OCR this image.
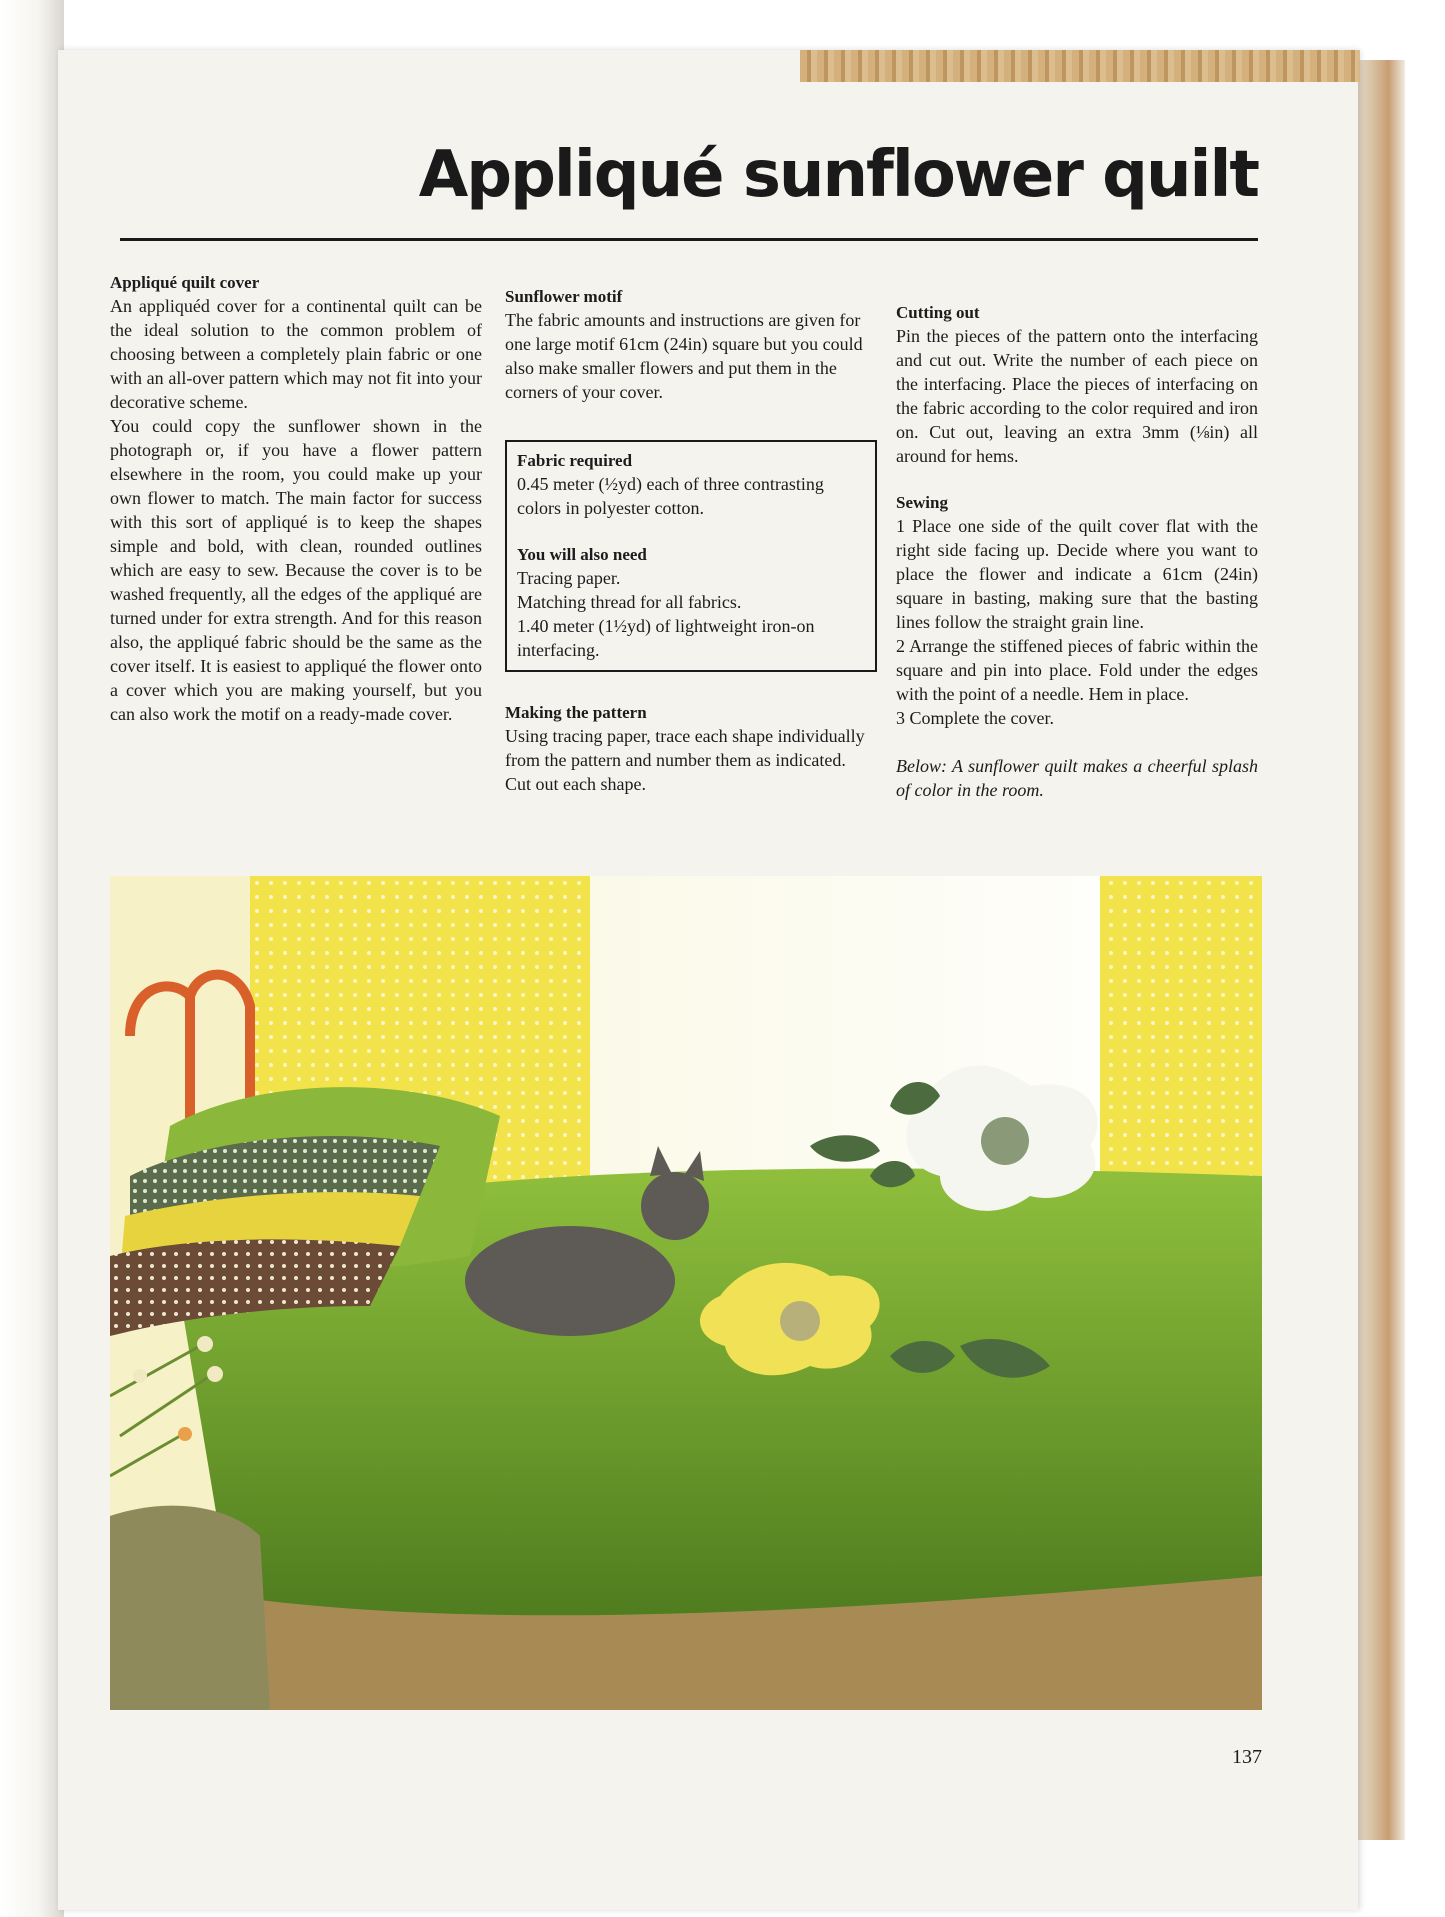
Appliqué sunflower quilt
Appliqué quilt cover

An appliquéd cover for a continental quilt can be the ideal solution to the common problem of choosing between a completely plain fabric or one with an all-over pattern which may not fit into your decorative scheme.

You could copy the sunflower shown in the photograph or, if you have a flower pattern elsewhere in the room, you could make up your own flower to match. The main factor for success with this sort of appliqué is to keep the shapes simple and bold, with clean, rounded outlines which are easy to sew. Because the cover is to be washed frequently, all the edges of the appliqué are turned under for extra strength. And for this reason also, the appliqué fabric should be the same as the cover itself. It is easiest to appliqué the flower onto a cover which you are making yourself, but you can also work the motif on a ready-made cover.

Sunflower motif

The fabric amounts and instructions are given for one large motif 61cm (24in) square but you could also make smaller flowers and put them in the corners of your cover.

Fabric required

0.45 meter (½yd) each of three contrasting colors in polyester cotton.

You will also need
Tracing paper.
Matching thread for all fabrics.
1.40 meter (1½yd) of lightweight iron-on interfacing.
Making the pattern

Using tracing paper, trace each shape individually from the pattern and number them as indicated. Cut out each shape.

Cutting out

Pin the pieces of the pattern onto the interfacing and cut out. Write the number of each piece on the interfacing. Place the pieces of interfacing on the fabric according to the color required and iron on. Cut out, leaving an extra 3mm (⅛in) all around for hems.

Sewing

1 Place one side of the quilt cover flat with the right side facing up. Decide where you want to place the flower and indicate a 61cm (24in) square in basting, making sure that the basting lines follow the straight grain line.

2 Arrange the stiffened pieces of fabric within the square and pin into place. Fold under the edges with the point of a needle. Hem in place.

3 Complete the cover.

Below: A sunflower quilt makes a cheerful splash of color in the room.

137
